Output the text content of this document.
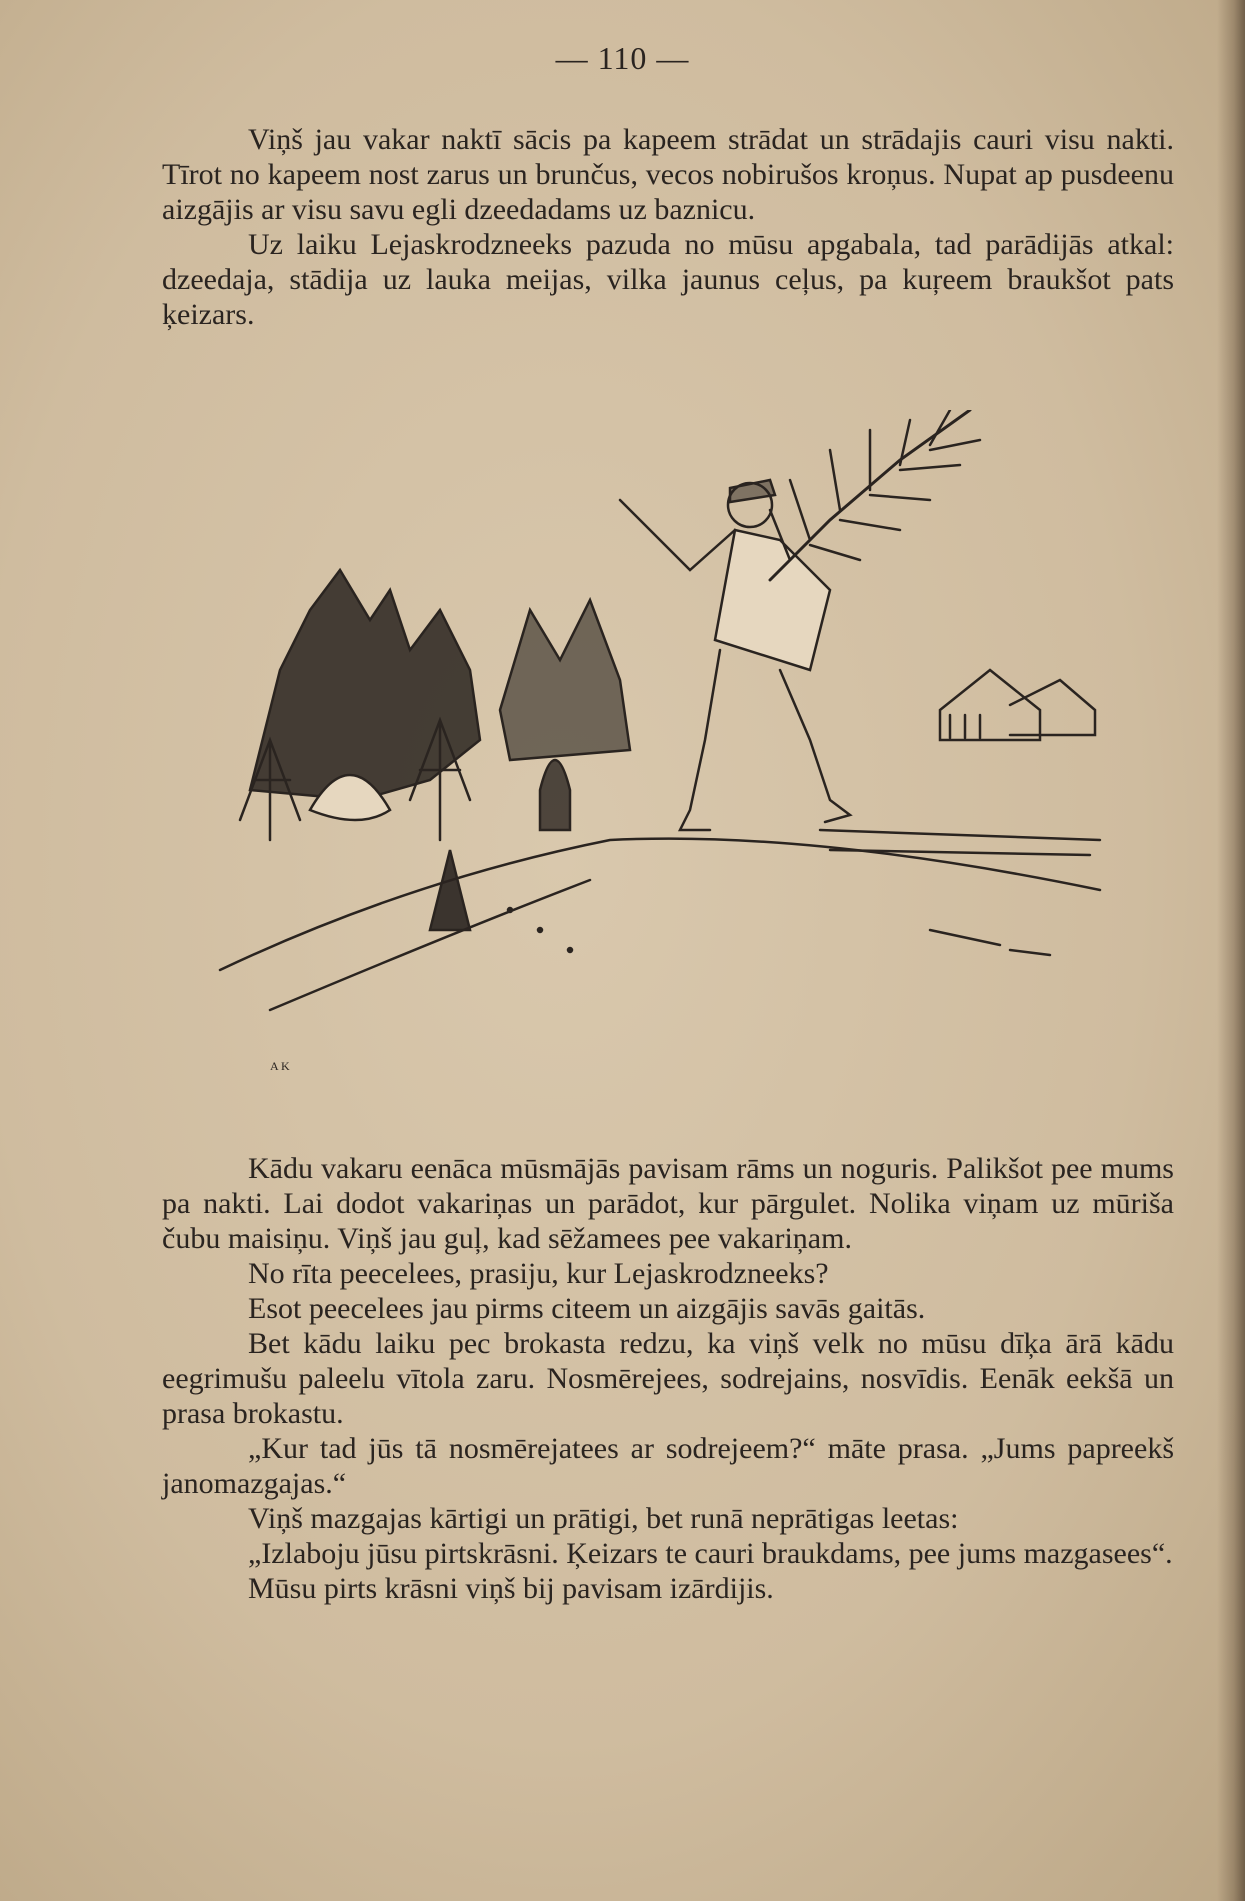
— 110 —

Viņš jau vakar naktī sācis pa kapeem strādat un strādajis cauri visu nakti. Tīrot no kapeem nost zarus un brunčus, vecos nobirušos kroņus. Nupat ap pusdeenu aizgājis ar visu savu egli dzeedadams uz baznicu.

Uz laiku Lejaskrodzneeks pazuda no mūsu apgabala, tad parādijās atkal: dzeedaja, stādija uz lauka meijas, vilka jaunus ceļus, pa kuŗeem braukšot pats ķeizars.

A K

Kādu vakaru eenāca mūsmājās pavisam rāms un noguris. Palikšot pee mums pa nakti. Lai dodot vakariņas un parādot, kur pārgulet. Nolika viņam uz mūriša čubu maisiņu. Viņš jau guļ, kad sēžamees pee vakariņam.

No rīta peecelees, prasiju, kur Lejaskrodzneeks?

Esot peecelees jau pirms citeem un aizgājis savās gaitās.

Bet kādu laiku pec brokasta redzu, ka viņš velk no mūsu dīķa ārā kādu eegrimušu paleelu vītola zaru. Nosmērejees, sodrejains, nosvīdis. Eenāk eekšā un prasa brokastu.

„Kur tad jūs tā nosmērejatees ar sodrejeem?“ māte prasa. „Jums papreekš janomazgajas.“

Viņš mazgajas kārtigi un prātigi, bet runā neprātigas leetas:

„Izlaboju jūsu pirtskrāsni. Ķeizars te cauri braukdams, pee jums mazgasees“.

Mūsu pirts krāsni viņš bij pavisam izārdijis.
